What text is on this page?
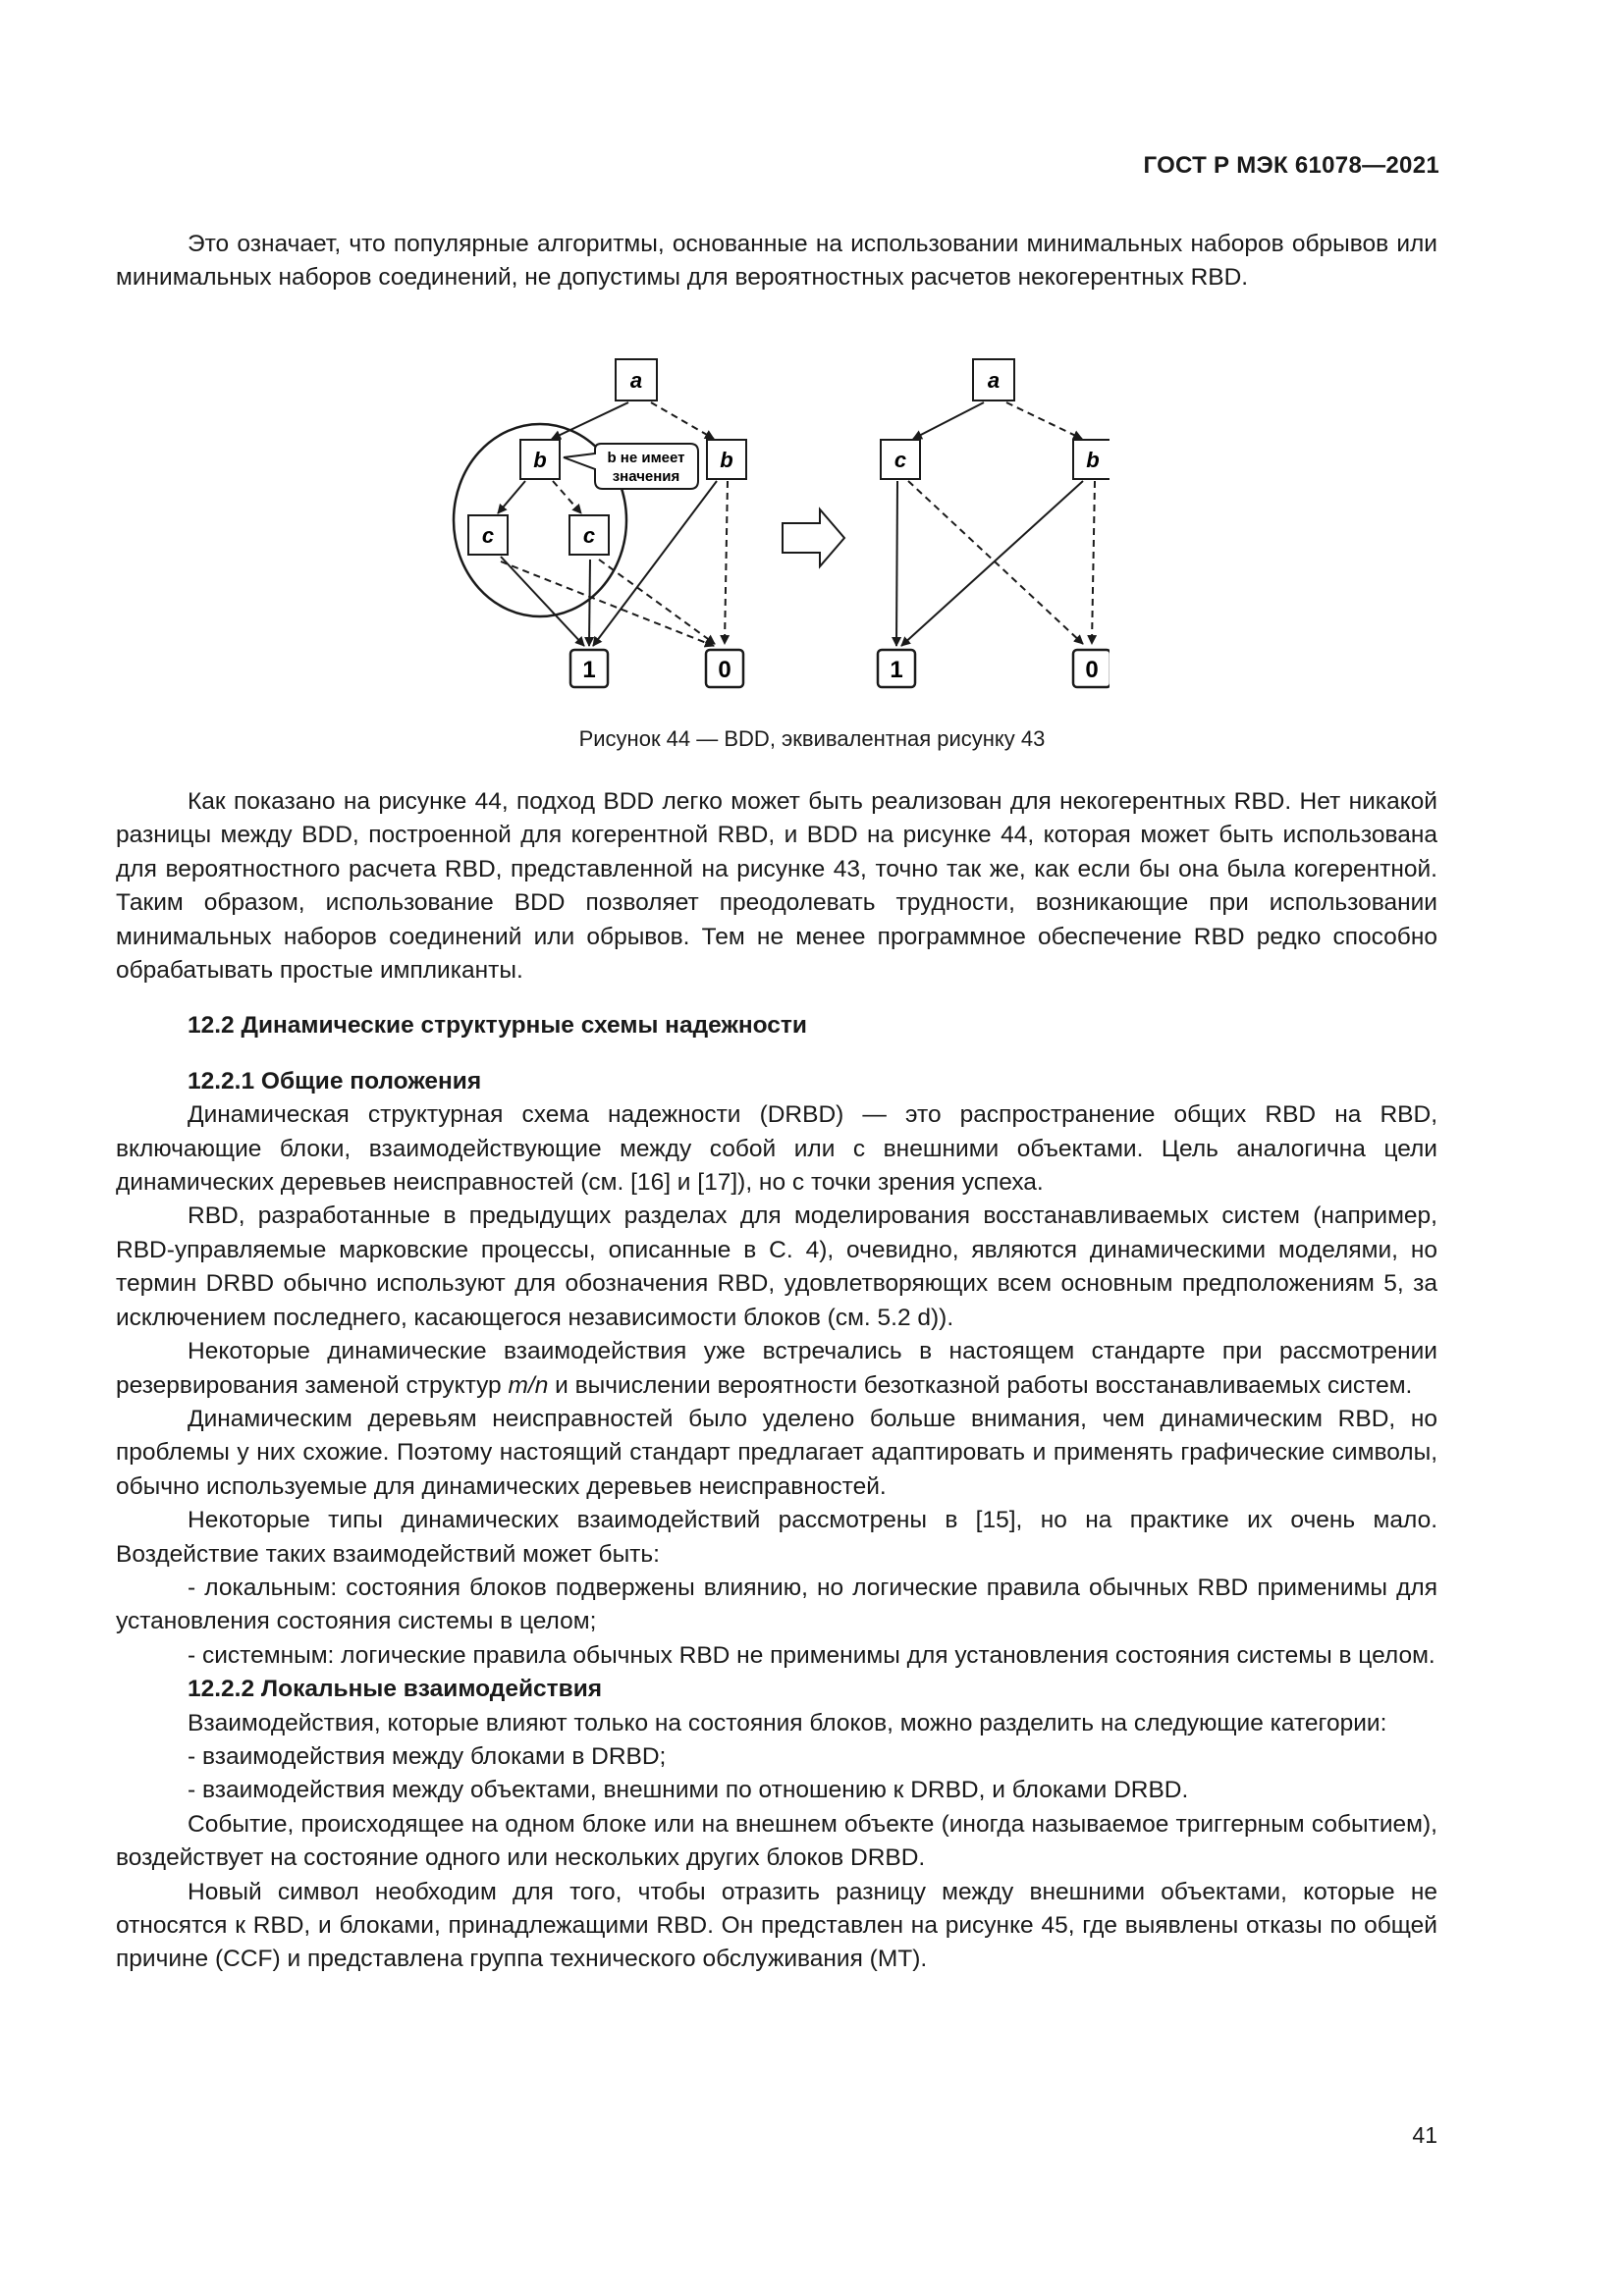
ГОСТ Р МЭК 61078—2021

Это означает, что популярные алгоритмы, основанные на использовании минимальных наборов обрывов или минимальных наборов соединений, не допустимы для вероятностных расчетов некогерентных RBD.

a
b	b
c	c
1	0
b не имеет
значения
a
c	b
1	0
Рисунок 44 — BDD, эквивалентная рисунку 43

Как показано на рисунке 44, подход BDD легко может быть реализован для некогерентных RBD. Нет никакой разницы между BDD, построенной для когерентной RBD, и BDD на рисунке 44, которая может быть использована для вероятностного расчета RBD, представленной на рисунке 43, точно так же, как если бы она была когерентной. Таким образом, использование BDD позволяет преодолевать трудности, возникающие при использовании минимальных наборов соединений или обрывов. Тем не менее программное обеспечение RBD редко способно обрабатывать простые импликанты.

12.2 Динамические структурные схемы надежности
12.2.1 Общие положения

Динамическая структурная схема надежности (DRBD) — это распространение общих RBD на RBD, включающие блоки, взаимодействующие между собой или с внешними объектами. Цель аналогична цели динамических деревьев неисправностей (см. [16] и [17]), но с точки зрения успеха.

RBD, разработанные в предыдущих разделах для моделирования восстанавливаемых систем (например, RBD-управляемые марковские процессы, описанные в С. 4), очевидно, являются динамическими моделями, но термин DRBD обычно используют для обозначения RBD, удовлетворяющих всем основным предположениям 5, за исключением последнего, касающегося независимости блоков (см. 5.2 d)).

Некоторые динамические взаимодействия уже встречались в настоящем стандарте при рассмотрении резервирования заменой структур m/n и вычислении вероятности безотказной работы восстанавливаемых систем.

Динамическим деревьям неисправностей было уделено больше внимания, чем динамическим RBD, но проблемы у них схожие. Поэтому настоящий стандарт предлагает адаптировать и применять графические символы, обычно используемые для динамических деревьев неисправностей.

Некоторые типы динамических взаимодействий рассмотрены в [15], но на практике их очень мало. Воздействие таких взаимодействий может быть:

- локальным: состояния блоков подвержены влиянию, но логические правила обычных RBD применимы для установления состояния системы в целом;

- системным: логические правила обычных RBD не применимы для установления состояния системы в целом.

12.2.2 Локальные взаимодействия

Взаимодействия, которые влияют только на состояния блоков, можно разделить на следующие категории:

- взаимодействия между блоками в DRBD;

- взаимодействия между объектами, внешними по отношению к DRBD, и блоками DRBD.

Событие, происходящее на одном блоке или на внешнем объекте (иногда называемое триггерным событием), воздействует на состояние одного или нескольких других блоков DRBD.

Новый символ необходим для того, чтобы отразить разницу между внешними объектами, которые не относятся к RBD, и блоками, принадлежащими RBD. Он представлен на рисунке 45, где выявлены отказы по общей причине (CCF) и представлена группа технического обслуживания (MT).

41
